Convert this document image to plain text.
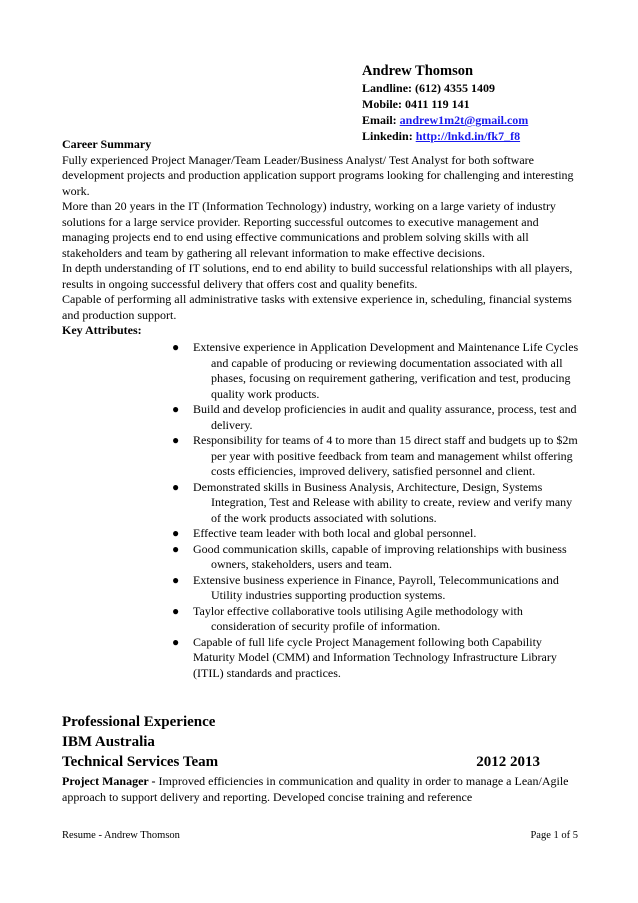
Andrew Thomson
Landline: (612) 4355 1409
Mobile: 0411 119 141
Email: andrew1m2t@gmail.com
Linkedin: http://lnkd.in/fk7_f8
Career Summary

Fully experienced Project Manager/Team Leader/Business Analyst/ Test Analyst for both software development projects and production application support programs looking for challenging and interesting work.

More than 20 years in the IT (Information Technology) industry, working on a large variety of industry solutions for a large service provider. Reporting successful outcomes to executive management and managing projects end to end using effective communications and problem solving skills with all stakeholders and team by gathering all relevant information to make effective decisions.

In depth understanding of IT solutions, end to end ability to build successful relationships with all players, results in ongoing successful delivery that offers cost and quality benefits.

Capable of performing all administrative tasks with extensive experience in, scheduling, financial systems and production support.

Key Attributes:
● Extensive experience in Application Development and Maintenance Life Cycles and capable of producing or reviewing documentation associated with all phases, focusing on requirement gathering, verification and test, producing quality work products.
● Build and develop proficiencies in audit and quality assurance, process, test and delivery.
● Responsibility for teams of 4 to more than 15 direct staff and budgets up to $2m per year with positive feedback from team and management whilst offering costs efficiencies, improved delivery, satisfied personnel and client.
● Demonstrated skills in Business Analysis, Architecture, Design, Systems Integration, Test and Release with ability to create, review and verify many of the work products associated with solutions.
● Effective team leader with both local and global personnel.
● Good communication skills, capable of improving relationships with business owners, stakeholders, users and team.
● Extensive business experience in Finance, Payroll, Telecommunications and Utility industries supporting production systems.
● Taylor effective collaborative tools utilising Agile methodology with consideration of security profile of information.
● Capable of full life cycle Project Management following both Capability Maturity Model (CMM) and Information Technology Infrastructure Library (ITIL) standards and practices.
Professional Experience
IBM Australia
Technical Services Team	2012 2013
Project Manager - Improved efficiencies in communication and quality in order to manage a Lean/Agile approach to support delivery and reporting. Developed concise training and reference
Resume - Andrew Thomson	Page 1 of 5
